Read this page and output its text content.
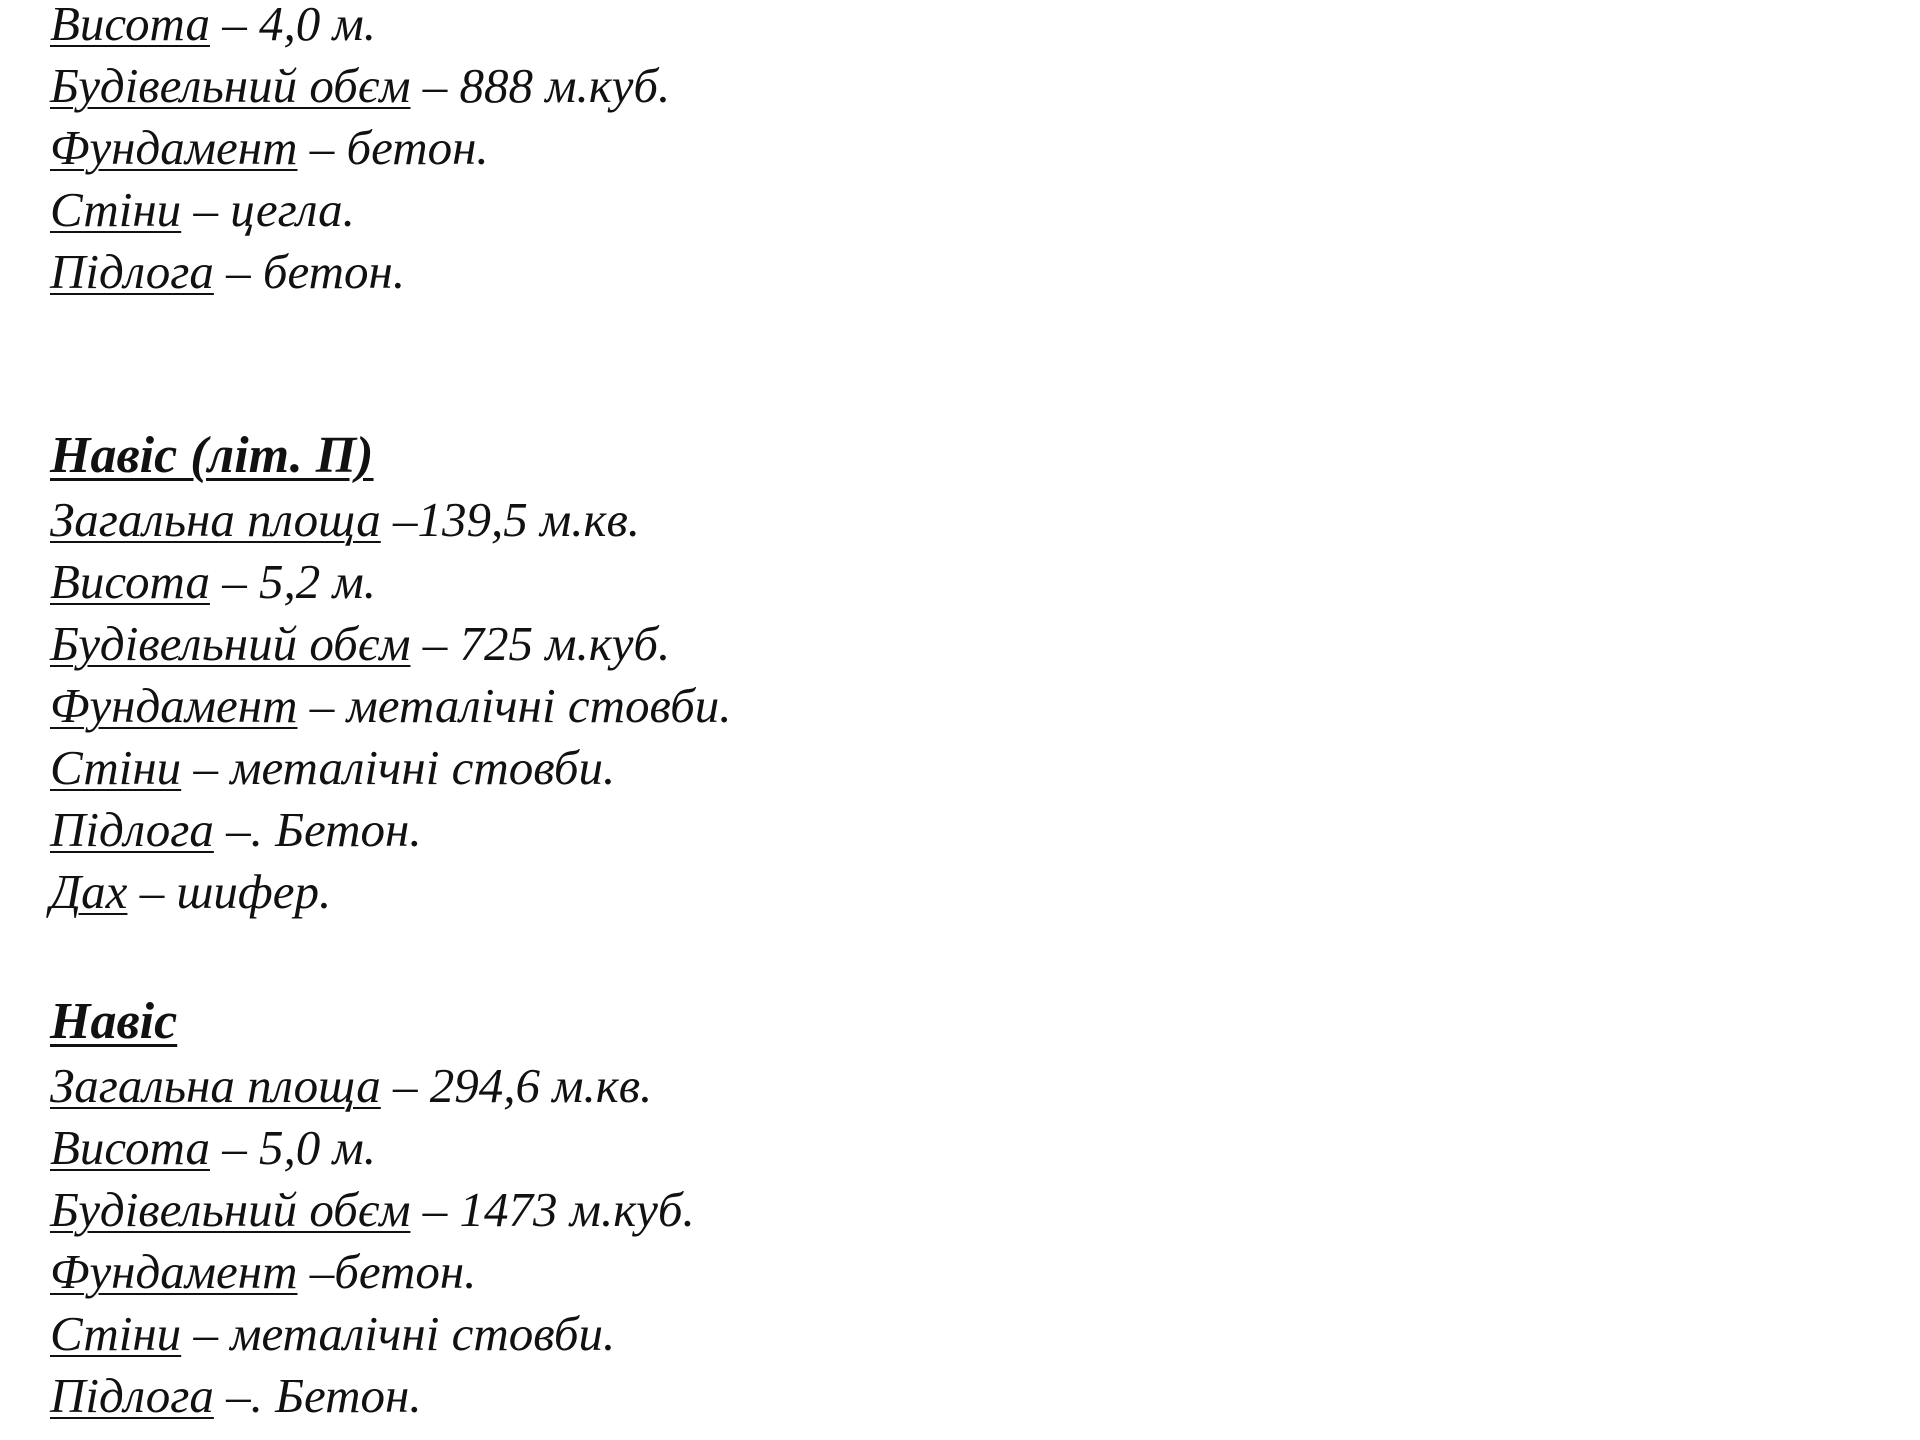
Висота – 4,0 м.
Будівельний обєм – 888 м.куб.
Фундамент – бетон.
Стіни – цегла.
Підлога – бетон.

Навіс (літ. П)
Загальна площа –139,5 м.кв.
Висота – 5,2 м.
Будівельний обєм – 725 м.куб.
Фундамент – металічні стовби.
Стіни – металічні стовби.
Підлога –. Бетон.
Дах – шифер.
Навіс
Загальна площа – 294,6 м.кв.
Висота – 5,0 м.
Будівельний обєм – 1473 м.куб.
Фундамент –бетон.
Стіни – металічні стовби.
Підлога –. Бетон.
